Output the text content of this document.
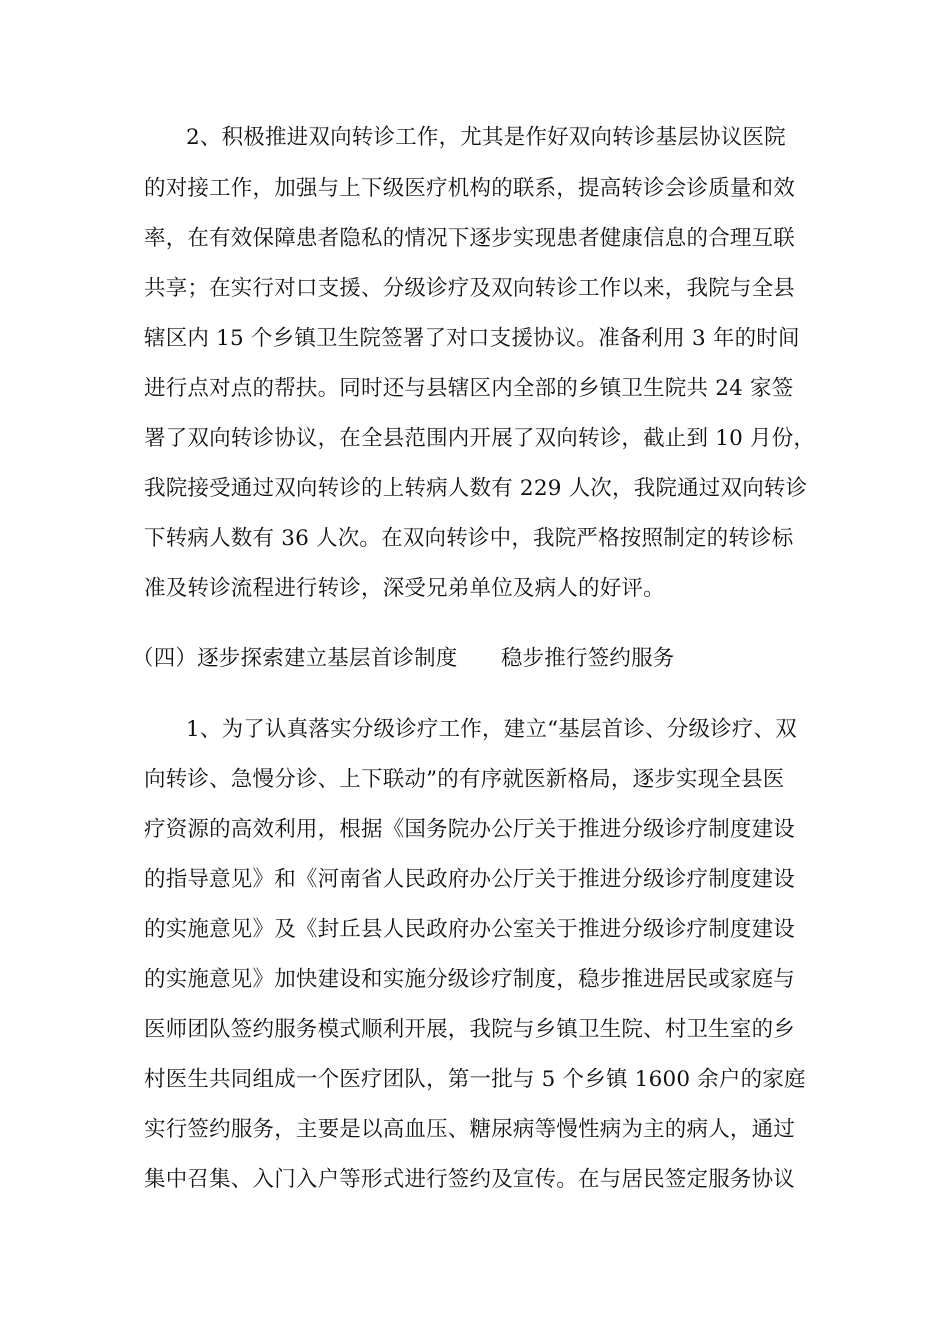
2、积极推进双向转诊工作，尤其是作好双向转诊基层协议医院
的对接工作，加强与上下级医疗机构的联系，提高转诊会诊质量和效
率，在有效保障患者隐私的情况下逐步实现患者健康信息的合理互联
共享；在实行对口支援、分级诊疗及双向转诊工作以来，我院与全县
辖区内 15 个乡镇卫生院签署了对口支援协议。准备利用 3 年的时间
进行点对点的帮扶。同时还与县辖区内全部的乡镇卫生院共 24 家签
署了双向转诊协议，在全县范围内开展了双向转诊，截止到 10 月份，
我院接受通过双向转诊的上转病人数有 229 人次，我院通过双向转诊
下转病人数有 36 人次。在双向转诊中，我院严格按照制定的转诊标
准及转诊流程进行转诊，深受兄弟单位及病人的好评。
（四）逐步探索建立基层首诊制度　　稳步推行签约服务
1、为了认真落实分级诊疗工作，建立“基层首诊、分级诊疗、双
向转诊、急慢分诊、上下联动”的有序就医新格局，逐步实现全县医
疗资源的高效利用，根据《国务院办公厅关于推进分级诊疗制度建设
的指导意见》和《河南省人民政府办公厅关于推进分级诊疗制度建设
的实施意见》及《封丘县人民政府办公室关于推进分级诊疗制度建设
的实施意见》加快建设和实施分级诊疗制度，稳步推进居民或家庭与
医师团队签约服务模式顺利开展，我院与乡镇卫生院、村卫生室的乡
村医生共同组成一个医疗团队，第一批与 5 个乡镇 1600 余户的家庭
实行签约服务，主要是以高血压、糖尿病等慢性病为主的病人，通过
集中召集、入门入户等形式进行签约及宣传。在与居民签定服务协议
